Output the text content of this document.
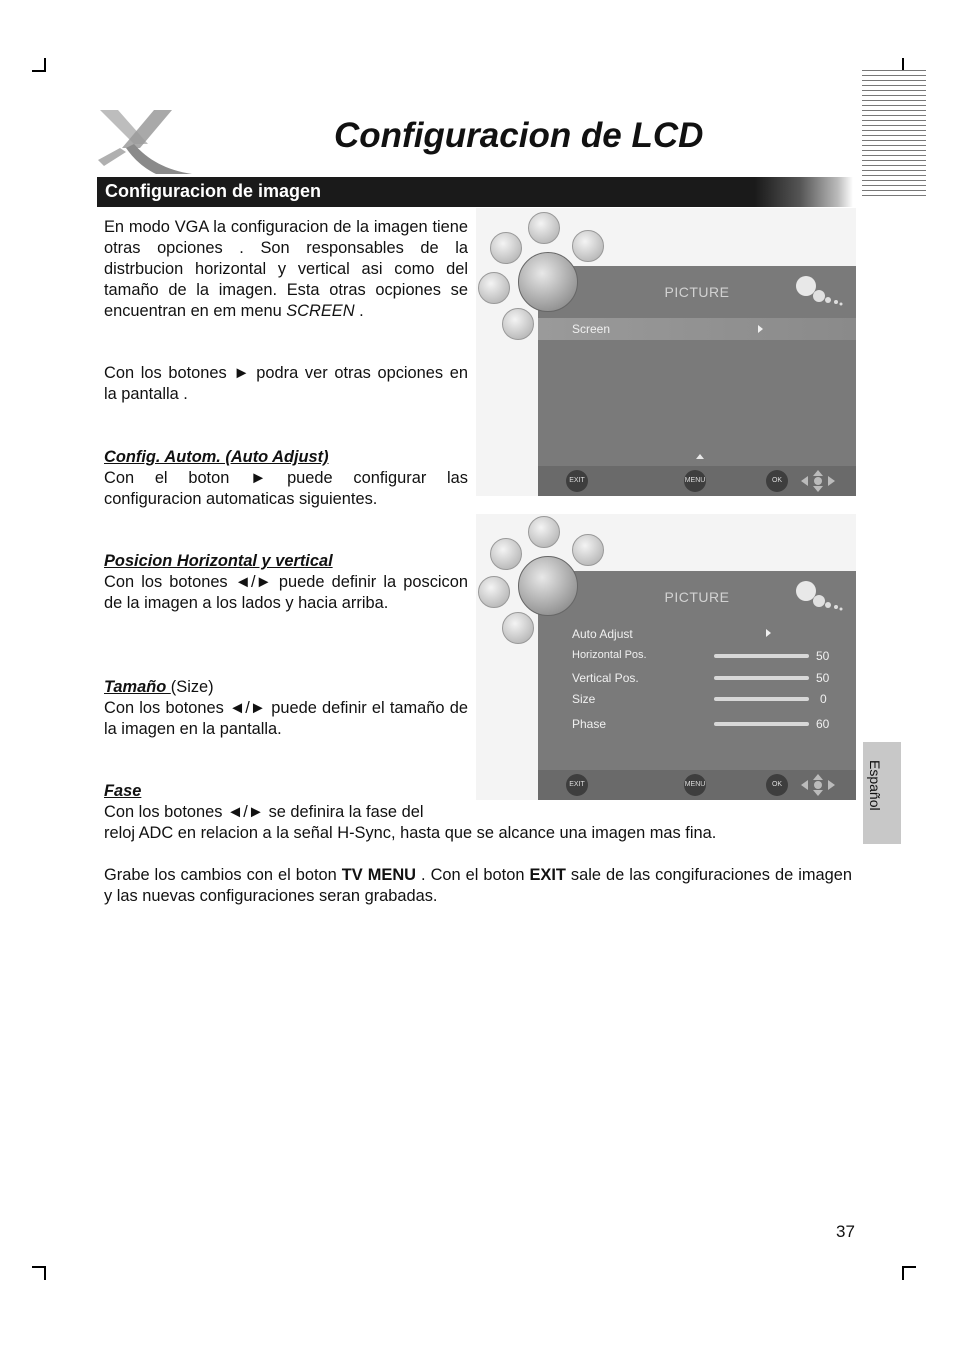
Configuracion de LCD
Configuracion de imagen

En modo VGA la configuracion de la imagen tiene otras opciones . Son responsables de la distrbucion horizontal y vertical asi como del tamaño de la imagen. Esta otras ocpiones se encuentran en em menu SCREEN .

Con los botones ► podra ver otras opciones en la pantalla .

Config. Autom. (Auto Adjust)

Con el boton ► puede configurar las configuracion automaticas siguientes.

Posicion Horizontal y vertical

Con los botones ◄/► puede definir la poscicon de la imagen a los lados y hacia arriba.

Tamaño (Size)

Con los botones ◄/► puede definir el tamaño de la imagen en la pantalla.

Fase

Con los botones ◄/► se definira la fase del

reloj ADC en relacion a la señal H-Sync, hasta que se alcance una imagen mas fina.

Grabe los cambios con el boton TV MENU . Con el boton EXIT sale de las congifuraciones de imagen y las nuevas configuraciones seran grabadas.

PICTURE
Screen
EXIT	MENU	OK
PICTURE
Auto Adjust
Horizontal Pos.	50
Vertical Pos.	50
Size	0
Phase	60
EXIT	MENU	OK	Español
37
